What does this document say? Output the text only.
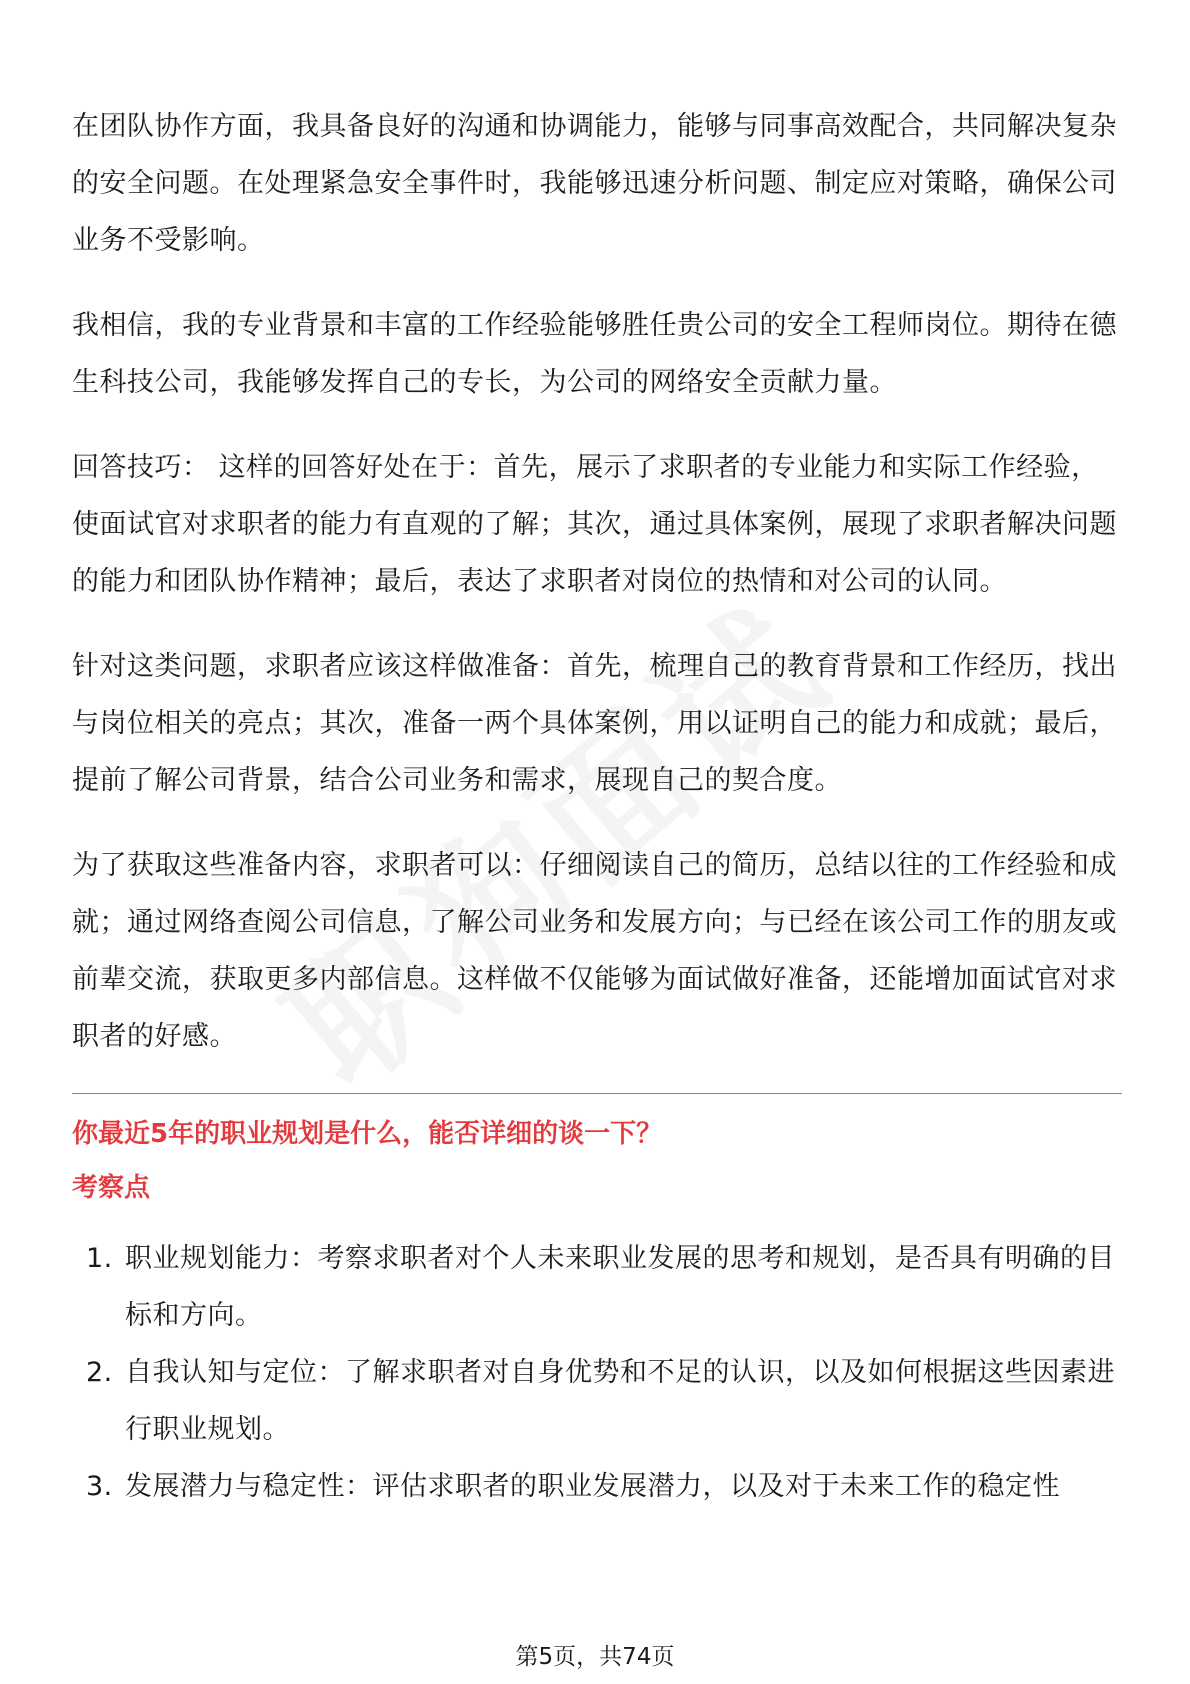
在团队协作方面，我具备良好的沟通和协调能力，能够与同事高效配合，共同解决复杂的安全问题。在处理紧急安全事件时，我能够迅速分析问题、制定应对策略，确保公司业务不受影响。

我相信，我的专业背景和丰富的工作经验能够胜任贵公司的安全工程师岗位。期待在德生科技公司，我能够发挥自己的专长，为公司的网络安全贡献力量。

回答技巧： 这样的回答好处在于：首先，展示了求职者的专业能力和实际工作经验，使面试官对求职者的能力有直观的了解；其次，通过具体案例，展现了求职者解决问题的能力和团队协作精神；最后，表达了求职者对岗位的热情和对公司的认同。

针对这类问题，求职者应该这样做准备：首先，梳理自己的教育背景和工作经历，找出与岗位相关的亮点；其次，准备一两个具体案例，用以证明自己的能力和成就；最后，提前了解公司背景，结合公司业务和需求，展现自己的契合度。

为了获取这些准备内容，求职者可以：仔细阅读自己的简历，总结以往的工作经验和成就；通过网络查阅公司信息，了解公司业务和发展方向；与已经在该公司工作的朋友或前辈交流，获取更多内部信息。这样做不仅能够为面试做好准备，还能增加面试官对求职者的好感。

你最近5年的职业规划是什么，能否详细的谈一下？
考察点
1. 职业规划能力：考察求职者对个人未来职业发展的思考和规划，是否具有明确的目标和方向。
2. 自我认知与定位：了解求职者对自身优势和不足的认识，以及如何根据这些因素进行职业规划。
3. 发展潜力与稳定性：评估求职者的职业发展潜力，以及对于未来工作的稳定性
第5页，共74页
